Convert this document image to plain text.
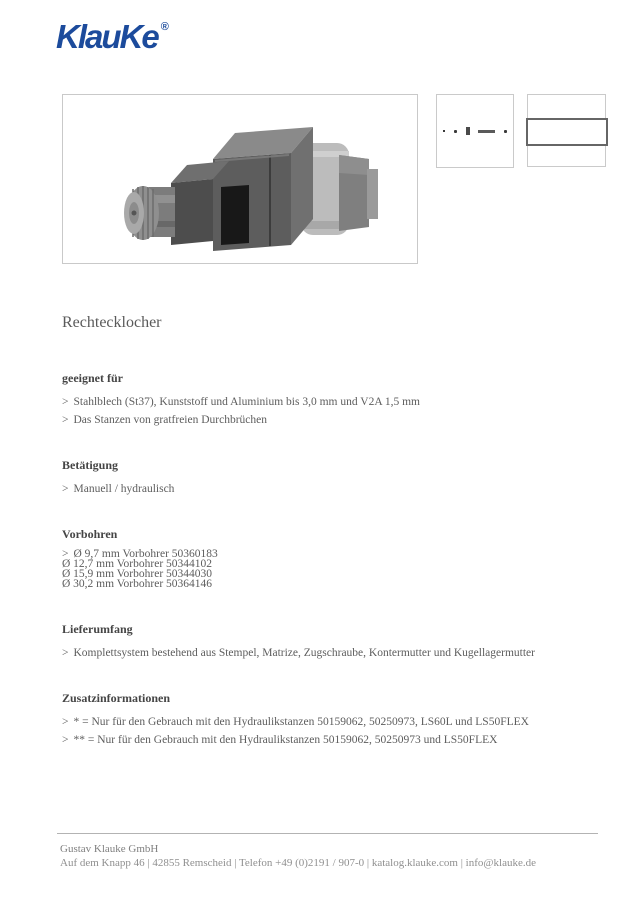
KlauKe ®
Rechtecklocher
geeignet für
> Stahlblech (St37), Kunststoff und Aluminium bis 3,0 mm und V2A 1,5 mm
> Das Stanzen von gratfreien Durchbrüchen
Betätigung
> Manuell / hydraulisch
Vorbohren
> Ø 9,7 mm Vorbohrer 50360183
Ø 12,7 mm Vorbohrer 50344102
Ø 15,9 mm Vorbohrer 50344030
Ø 30,2 mm Vorbohrer 50364146
Lieferumfang
> Komplettsystem bestehend aus Stempel, Matrize, Zugschraube, Kontermutter und Kugellagermutter
Zusatzinformationen
> * = Nur für den Gebrauch mit den Hydraulikstanzen 50159062, 50250973, LS60L und LS50FLEX
> ** = Nur für den Gebrauch mit den Hydraulikstanzen 50159062, 50250973 und LS50FLEX
Gustav Klauke GmbH
Auf dem Knapp 46 | 42855 Remscheid | Telefon +49 (0)2191 / 907-0 | katalog.klauke.com | info@klauke.de
